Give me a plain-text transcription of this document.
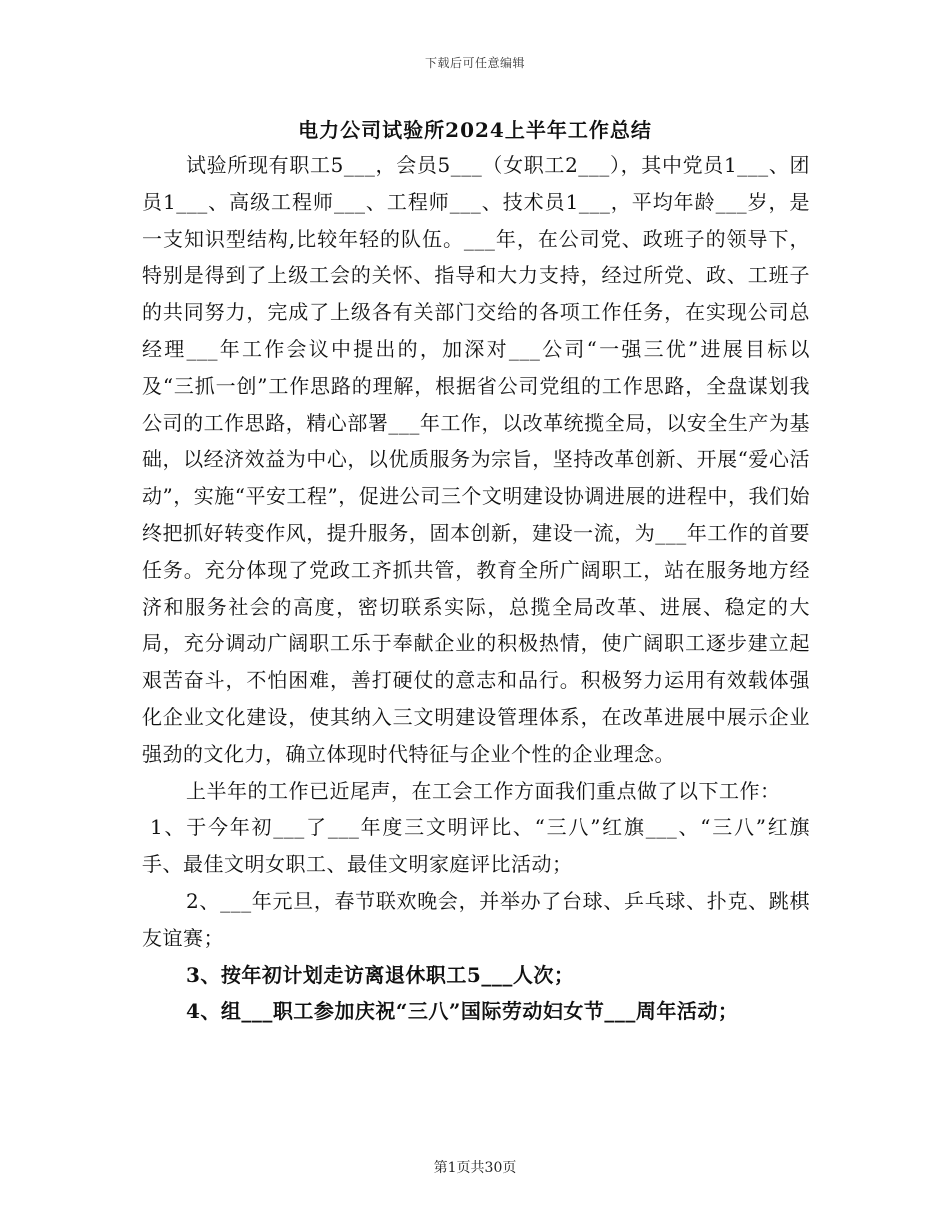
下载后可任意编辑
电力公司试验所2024上半年工作总结

试验所现有职工5___，会员5___（女职工2___），其中党员1___、团员1___、高级工程师___、工程师___、技术员1___，平均年龄___岁，是一支知识型结构,比较年轻的队伍。___年，在公司党、政班子的领导下，特别是得到了上级工会的关怀、指导和大力支持，经过所党、政、工班子的共同努力，完成了上级各有关部门交给的各项工作任务，在实现公司总经理___年工作会议中提出的，加深对___公司“一强三优”进展目标以及“三抓一创”工作思路的理解，根据省公司党组的工作思路，全盘谋划我公司的工作思路，精心部署___年工作，以改革统揽全局，以安全生产为基础，以经济效益为中心，以优质服务为宗旨，坚持改革创新、开展“爱心活动”，实施“平安工程”，促进公司三个文明建设协调进展的进程中，我们始终把抓好转变作风，提升服务，固本创新，建设一流，为___年工作的首要任务。充分体现了党政工齐抓共管，教育全所广阔职工，站在服务地方经济和服务社会的高度，密切联系实际，总揽全局改革、进展、稳定的大局，充分调动广阔职工乐于奉献企业的积极热情，使广阔职工逐步建立起艰苦奋斗，不怕困难，善打硬仗的意志和品行。积极努力运用有效载体强化企业文化建设，使其纳入三文明建设管理体系，在改革进展中展示企业强劲的文化力，确立体现时代特征与企业个性的企业理念。

上半年的工作已近尾声，在工会工作方面我们重点做了以下工作：

1、于今年初___了___年度三文明评比、“三八”红旗___、“三八”红旗手、最佳文明女职工、最佳文明家庭评比活动；

2、___年元旦，春节联欢晚会，并举办了台球、乒乓球、扑克、跳棋友谊赛；

3、按年初计划走访离退休职工5___人次；

4、组___职工参加庆祝“三八”国际劳动妇女节___周年活动；

第1页共30页
